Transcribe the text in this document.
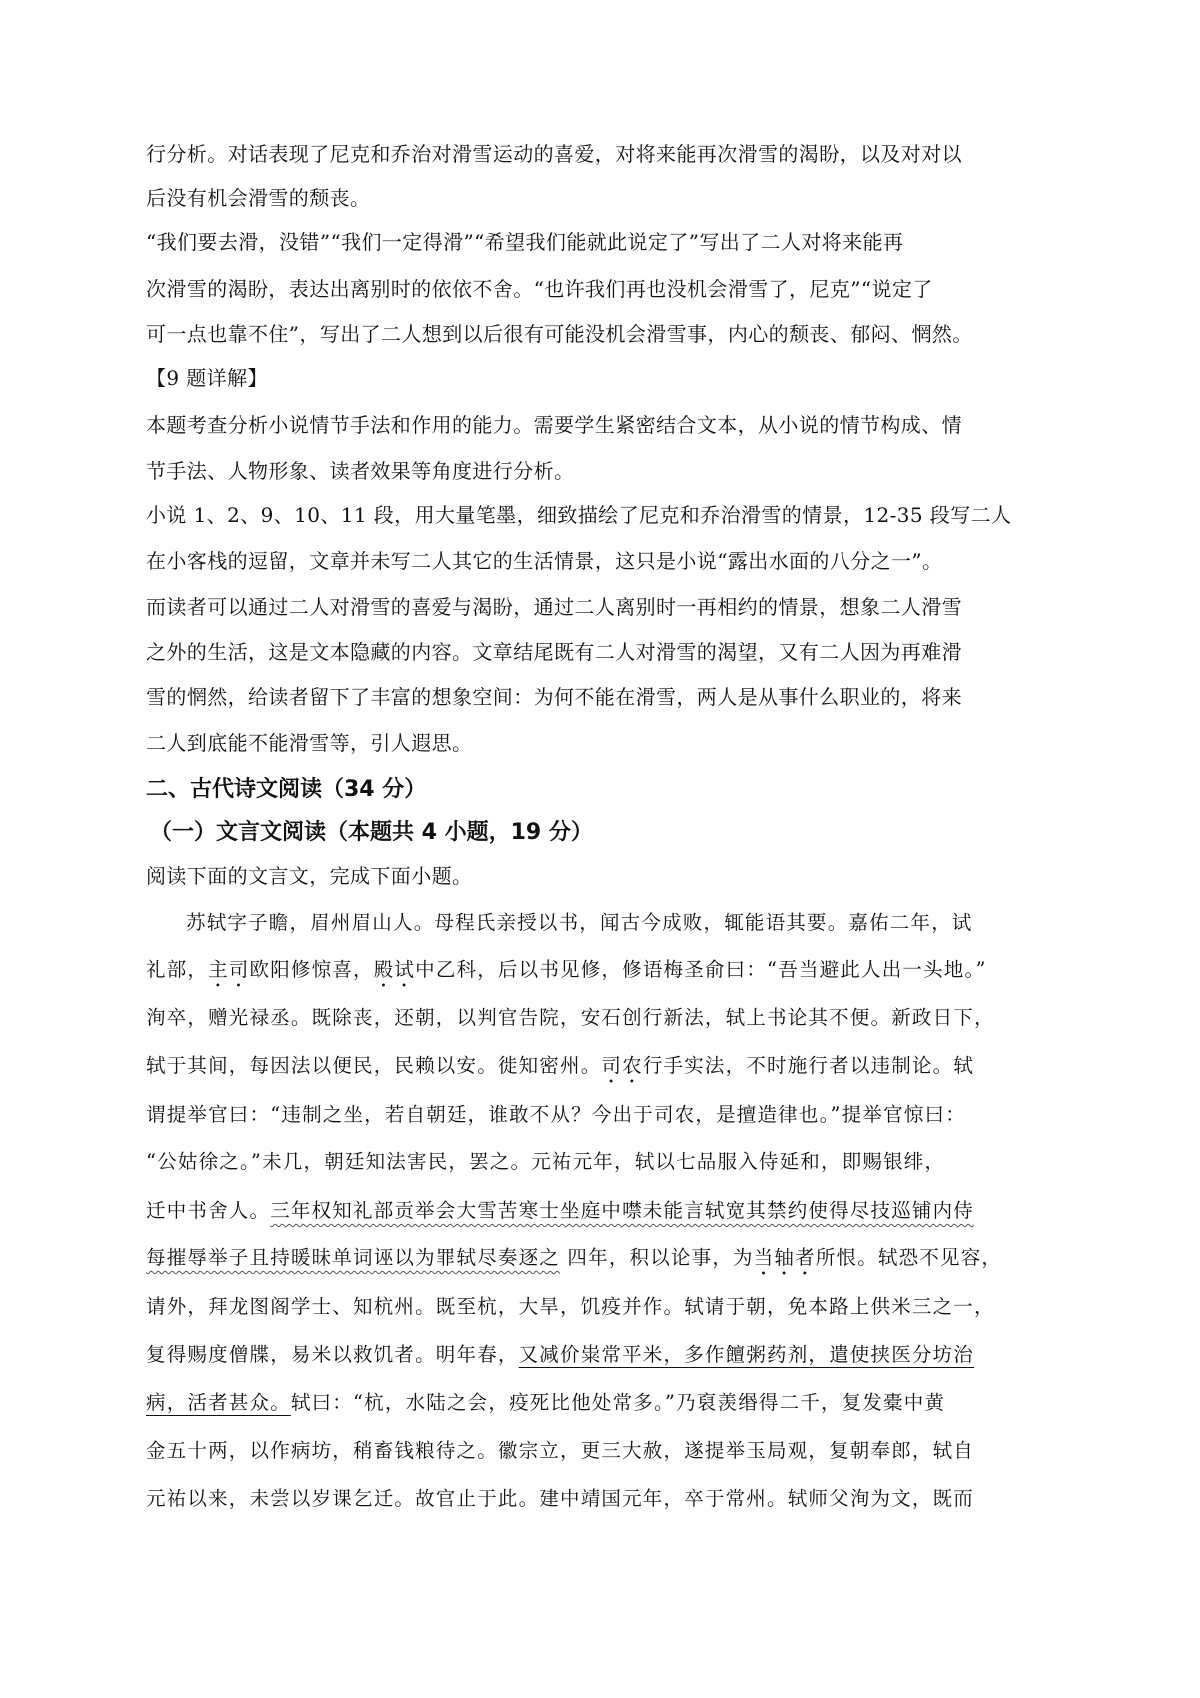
行分析。对话表现了尼克和乔治对滑雪运动的喜爱，对将来能再次滑雪的渴盼，以及对对以
后没有机会滑雪的颓丧。
“我们要去滑，没错”“我们一定得滑”“希望我们能就此说定了”写出了二人对将来能再
次滑雪的渴盼，表达出离别时的依依不舍。“也许我们再也没机会滑雪了，尼克”“说定了
可一点也靠不住”，写出了二人想到以后很有可能没机会滑雪事，内心的颓丧、郁闷、惘然。
【9 题详解】
本题考查分析小说情节手法和作用的能力。需要学生紧密结合文本，从小说的情节构成、情
节手法、人物形象、读者效果等角度进行分析。
小说 1、2、9、10、11 段，用大量笔墨，细致描绘了尼克和乔治滑雪的情景，12-35 段写二人
在小客栈的逗留，文章并未写二人其它的生活情景，这只是小说“露出水面的八分之一”。
而读者可以通过二人对滑雪的喜爱与渴盼，通过二人离别时一再相约的情景，想象二人滑雪
之外的生活，这是文本隐藏的内容。文章结尾既有二人对滑雪的渴望，又有二人因为再难滑
雪的惘然，给读者留下了丰富的想象空间：为何不能在滑雪，两人是从事什么职业的，将来
二人到底能不能滑雪等，引人遐思。
二、古代诗文阅读（34 分）
（一）文言文阅读（本题共 4 小题，19 分）
阅读下面的文言文，完成下面小题。
苏轼字子瞻，眉州眉山人。母程氏亲授以书，闻古今成败，辄能语其要。嘉佑二年，试
礼部，主司欧阳修惊喜，殿试中乙科，后以书见修，修语梅圣俞曰：“吾当避此人出一头地。”
洵卒，赠光禄丞。既除丧，还朝，以判官告院，安石创行新法，轼上书论其不便。新政日下，
轼于其间，每因法以便民，民赖以安。徙知密州。司农行手实法，不时施行者以违制论。轼
谓提举官曰：“违制之坐，若自朝廷，谁敢不从？今出于司农，是擅造律也。”提举官惊曰：
“公姑徐之。”未几，朝廷知法害民，罢之。元祐元年，轼以七品服入侍延和，即赐银绯，
迁中书舍人。三年权知礼部贡举会大雪苦寒士坐庭中噤未能言轼宽其禁约使得尽技巡铺内侍
每摧辱举子且持暖昧单词诬以为罪轼尽奏逐之 四年，积以论事，为当轴者所恨。轼恐不见容，
请外，拜龙图阁学士、知杭州。既至杭，大旱，饥疫并作。轼请于朝，免本路上供米三之一，
复得赐度僧牒，易米以救饥者。明年春，又减价粜常平米，多作饘粥药剂，遣使挟医分坊治
病，活者甚众。轼曰：“杭，水陆之会，疫死比他处常多。”乃裒羡缗得二千，复发橐中黄
金五十两，以作病坊，稍畜钱粮待之。徽宗立，更三大赦，遂提举玉局观，复朝奉郎，轼自
元祐以来，未尝以岁课乞迁。故官止于此。建中靖国元年，卒于常州。轼师父洵为文，既而
